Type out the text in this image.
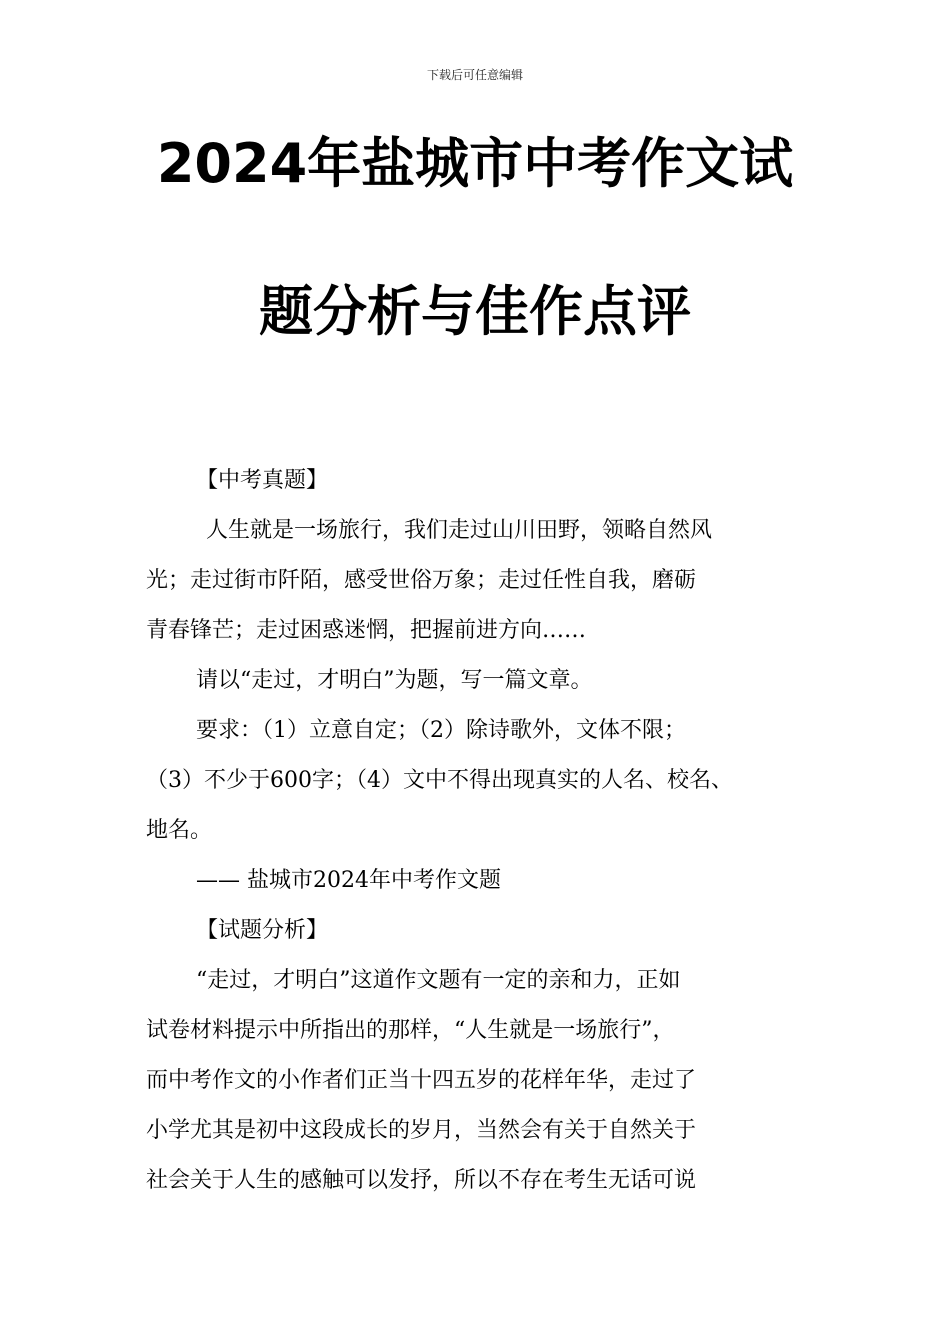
下载后可任意编辑
2024年盐城市中考作文试
题分析与佳作点评
【中考真题】
人生就是一场旅行，我们走过山川田野，领略自然风
光；走过街市阡陌，感受世俗万象；走过任性自我，磨砺
青春锋芒；走过困惑迷惘，把握前进方向……
请以“走过，才明白”为题，写一篇文章。
要求：（1）立意自定；（2）除诗歌外，文体不限；
（3）不少于600字；（4）文中不得出现真实的人名、校名、
地名。
—— 盐城市2024年中考作文题
【试题分析】
“走过，才明白”这道作文题有一定的亲和力，正如
试卷材料提示中所指出的那样，“人生就是一场旅行”，
而中考作文的小作者们正当十四五岁的花样年华，走过了
小学尤其是初中这段成长的岁月，当然会有关于自然关于
社会关于人生的感触可以发抒，所以不存在考生无话可说
